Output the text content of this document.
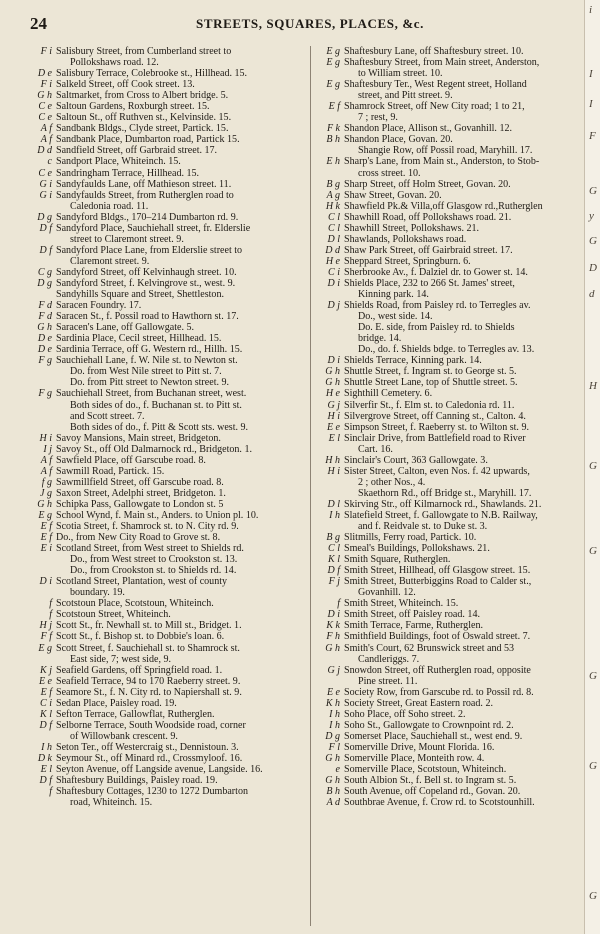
24	STREETS, SQUARES, PLACES, &c.
F i Salisbury Street, from Cumberland street to
Pollokshaws road. 12.
D e Salisbury Terrace, Colebrooke st., Hillhead. 15.
F i Salkeld Street, off Cook street. 13.
G h Saltmarket, from Cross to Albert bridge. 5.
C e Saltoun Gardens, Roxburgh street. 15.
C e Saltoun St., off Ruthven st., Kelvinside. 15.
A f Sandbank Bldgs., Clyde street, Partick. 15.
A f Sandbank Place, Dumbarton road, Partick 15.
D d Sandfield Street, off Garbraid street. 17.
c Sandport Place, Whiteinch. 15.
C e Sandringham Terrace, Hillhead. 15.
G i Sandyfaulds Lane, off Mathieson street. 11.
G i Sandyfaulds Street, from Rutherglen road to
Caledonia road. 11.
D g Sandyford Bldgs., 170–214 Dumbarton rd. 9.
D f Sandyford Place, Sauchiehall street, fr. Elderslie
street to Claremont street. 9.
D f Sandyford Place Lane, from Elderslie street to
Claremont street. 9.
C g Sandyford Street, off Kelvinhaugh street. 10.
D g Sandyford Street, f. Kelvingrove st., west. 9.
Sandyhills Square and Street, Shettleston.
F d Saracen Foundry. 17.
F d Saracen St., f. Possil road to Hawthorn st. 17.
G h Saracen's Lane, off Gallowgate. 5.
D e Sardinia Place, Cecil street, Hillhead. 15.
D e Sardinia Terrace, off G. Western rd., Hillh. 15.
F g Sauchiehall Lane, f. W. Nile st. to Newton st.
Do. from West Nile street to Pitt st. 7.
Do. from Pitt street to Newton street. 9.
F g Sauchiehall Street, from Buchanan street, west.
Both sides of do., f. Buchanan st. to Pitt st.
and Scott street. 7.
Both sides of do., f. Pitt & Scott sts. west. 9.
H i Savoy Mansions, Main street, Bridgeton.
I j Savoy St., off Old Dalmarnock rd., Bridgeton. 1.
A f Sawfield Place, off Garscube road. 8.
A f Sawmill Road, Partick. 15.
f g Sawmillfield Street, off Garscube road. 8.
J g Saxon Street, Adelphi street, Bridgeton. 1.
G h Schipka Pass, Gallowgate to London st. 5
E g School Wynd, f. Main st., Anders. to Union pl. 10.
E f Scotia Street, f. Shamrock st. to N. City rd. 9.
E f Do., from New City Road to Grove st. 8.
E i Scotland Street, from West street to Shields rd.
Do., from West street to Crookston st. 13.
Do., from Crookston st. to Shields rd. 14.
D i Scotland Street, Plantation, west of county
boundary. 19.
f Scotstoun Place, Scotstoun, Whiteinch.
f Scotstoun Street, Whiteinch.
H j Scott St., fr. Newhall st. to Mill st., Bridget. 1.
F f Scott St., f. Bishop st. to Dobbie's loan. 6.
E g Scott Street, f. Sauchiehall st. to Shamrock st.
East side, 7; west side, 9.
K j Seafield Gardens, off Springfield road. 1.
E e Seafield Terrace, 94 to 170 Raeberry street. 9.
E f Seamore St., f. N. City rd. to Napiershall st. 9.
C i Sedan Place, Paisley road. 19.
K l Sefton Terrace, Gallowflat, Rutherglen.
D f Selborne Terrace, South Woodside road, corner
of Willowbank crescent. 9.
I h Seton Ter., off Westercraig st., Dennistoun. 3.
D k Seymour St., off Minard rd., Crossmyloof. 16.
E l Seyton Avenue, off Langside avenue, Langside. 16.
D f Shaftesbury Buildings, Paisley road. 19.
f Shaftesbury Cottages, 1230 to 1272 Dumbarton
road, Whiteinch. 15.
E g Shaftesbury Lane, off Shaftesbury street. 10.
E g Shaftesbury Street, from Main street, Anderston,
to William street. 10.
E g Shaftesbury Ter., West Regent street, Holland
street, and Pitt street. 9.
E f Shamrock Street, off New City road; 1 to 21,
7 ; rest, 9.
F k Shandon Place, Allison st., Govanhill. 12.
B h Shandon Place, Govan. 20.
Shangie Row, off Possil road, Maryhill. 17.
E h Sharp's Lane, from Main st., Anderston, to Stob-
cross street. 10.
B g Sharp Street, off Holm Street, Govan. 20.
A g Shaw Street, Govan. 20.
H k Shawfield Pk.& Villa,off Glasgow rd.,Rutherglen
C l Shawhill Road, off Pollokshaws road. 21.
C l Shawhill Street, Pollokshaws. 21.
D l Shawlands, Pollokshaws road.
D d Shaw Park Street, off Gairbraid street. 17.
H e Sheppard Street, Springburn. 6.
C i Sherbrooke Av., f. Dalziel dr. to Gower st. 14.
D i Shields Place, 232 to 266 St. James' street,
Kinning park. 14.
D j Shields Road, from Paisley rd. to Terregles av.
Do., west side. 14.
Do. E. side, from Paisley rd. to Shields
bridge. 14.
Do., do. f. Shields bdge. to Terregles av. 13.
D i Shields Terrace, Kinning park. 14.
G h Shuttle Street, f. Ingram st. to George st. 5.
G h Shuttle Street Lane, top of Shuttle street. 5.
H e Sighthill Cemetery. 6.
G j Silverfir St., f. Elm st. to Caledonia rd. 11.
H i Silvergrove Street, off Canning st., Calton. 4.
E e Simpson Street, f. Raeberry st. to Wilton st. 9.
E l Sinclair Drive, from Battlefield road to River
Cart. 16.
H h Sinclair's Court, 363 Gallowgate. 3.
H i Sister Street, Calton, even Nos. f. 42 upwards,
2 ; other Nos., 4.
Skaethorn Rd., off Bridge st., Maryhill. 17.
D l Skirving Str., off Kilmarnock rd., Shawlands. 21.
I h Slatefield Street, f. Gallowgate to N.B. Railway,
and f. Reidvale st. to Duke st. 3.
B g Slitmills, Ferry road, Partick. 10.
C l Smeal's Buildings, Pollokshaws. 21.
K l Smith Square, Rutherglen.
D f Smith Street, Hillhead, off Glasgow street. 15.
F j Smith Street, Butterbiggins Road to Calder st.,
Govanhill. 12.
f Smith Street, Whiteinch. 15.
D i Smith Street, off Paisley road. 14.
K k Smith Terrace, Farme, Rutherglen.
F h Smithfield Buildings, foot of Oswald street. 7.
G h Smith's Court, 62 Brunswick street and 53
Candleriggs. 7.
G j Snowdon Street, off Rutherglen road, opposite
Pine street. 11.
E e Society Row, from Garscube rd. to Possil rd. 8.
K h Society Street, Great Eastern road. 2.
I h Soho Place, off Soho street. 2.
I h Soho St., Gallowgate to Crownpoint rd. 2.
D g Somerset Place, Sauchiehall st., west end. 9.
F l Somerville Drive, Mount Florida. 16.
G h Somerville Place, Monteith row. 4.
e Somerville Place, Scotstoun, Whiteinch.
G h South Albion St., f. Bell st. to Ingram st. 5.
B h South Avenue, off Copeland rd., Govan. 20.
A d Southbrae Avenue, f. Crow rd. to Scotstounhill.
i
I
I
F
G
y
G
D
d
H
G
G
G
G
G
